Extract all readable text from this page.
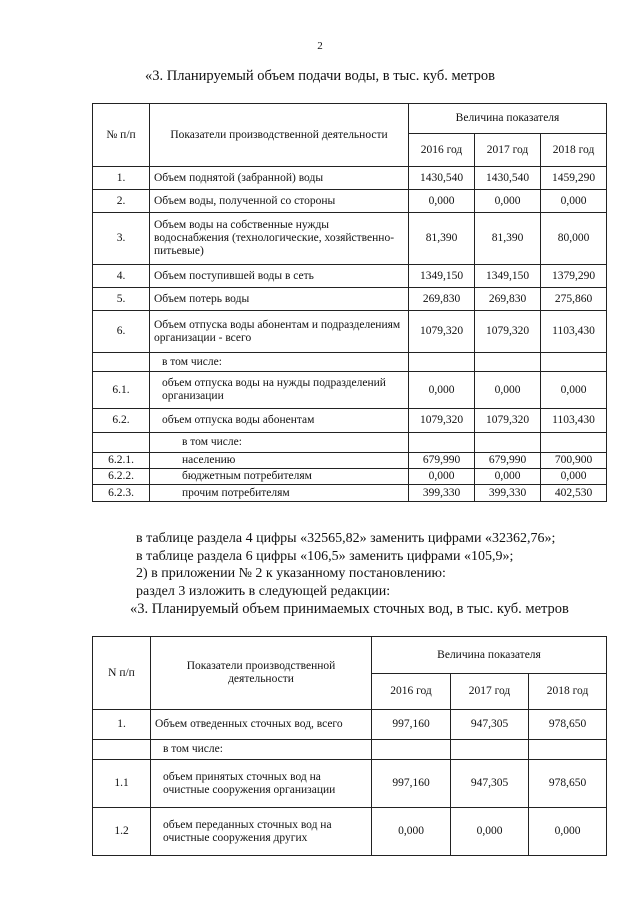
2
«3. Планируемый объем подачи воды, в тыс. куб. метров
№ п/п	Показатели производственной деятельности	Величина показателя		
		2016 год	2017 год	2018 год
1.	Объем поднятой (забранной) воды	1430,540	1430,540	1459,290
2.	Объем воды, полученной со стороны	0,000	0,000	0,000
3.	Объем воды на собственные нужды водоснабжения (технологические, хозяйственно-питьевые)	81,390	81,390	80,000
4.	Объем поступившей воды в сеть	1349,150	1349,150	1379,290
5.	Объем потерь воды	269,830	269,830	275,860
6.	Объем отпуска воды абонентам и подразделениям организации - всего	1079,320	1079,320	1103,430
	в том числе:			
6.1.	объем отпуска воды на нужды подразделений организации	0,000	0,000	0,000
6.2.	объем отпуска воды абонентам	1079,320	1079,320	1103,430
	в том числе:			
6.2.1.	населению	679,990	679,990	700,900
6.2.2.	бюджетным потребителям	0,000	0,000	0,000
6.2.3.	прочим потребителям	399,330	399,330	402,530

в таблице раздела 4 цифры «32565,82» заменить цифрами «32362,76»;

в таблице раздела 6 цифры «106,5» заменить цифрами «105,9»;

2) в приложении № 2 к указанному постановлению:

раздел 3 изложить в следующей редакции:

«3. Планируемый объем принимаемых сточных вод, в тыс. куб. метров
N п/п	Показатели производственной деятельности	Величина показателя		
		2016 год	2017 год	2018 год
1.	Объем отведенных сточных вод, всего	997,160	947,305	978,650
	в том числе:			
1.1	объем принятых сточных вод на очистные сооружения организации	997,160	947,305	978,650
1.2	объем переданных сточных вод на очистные сооружения других	0,000	0,000	0,000
